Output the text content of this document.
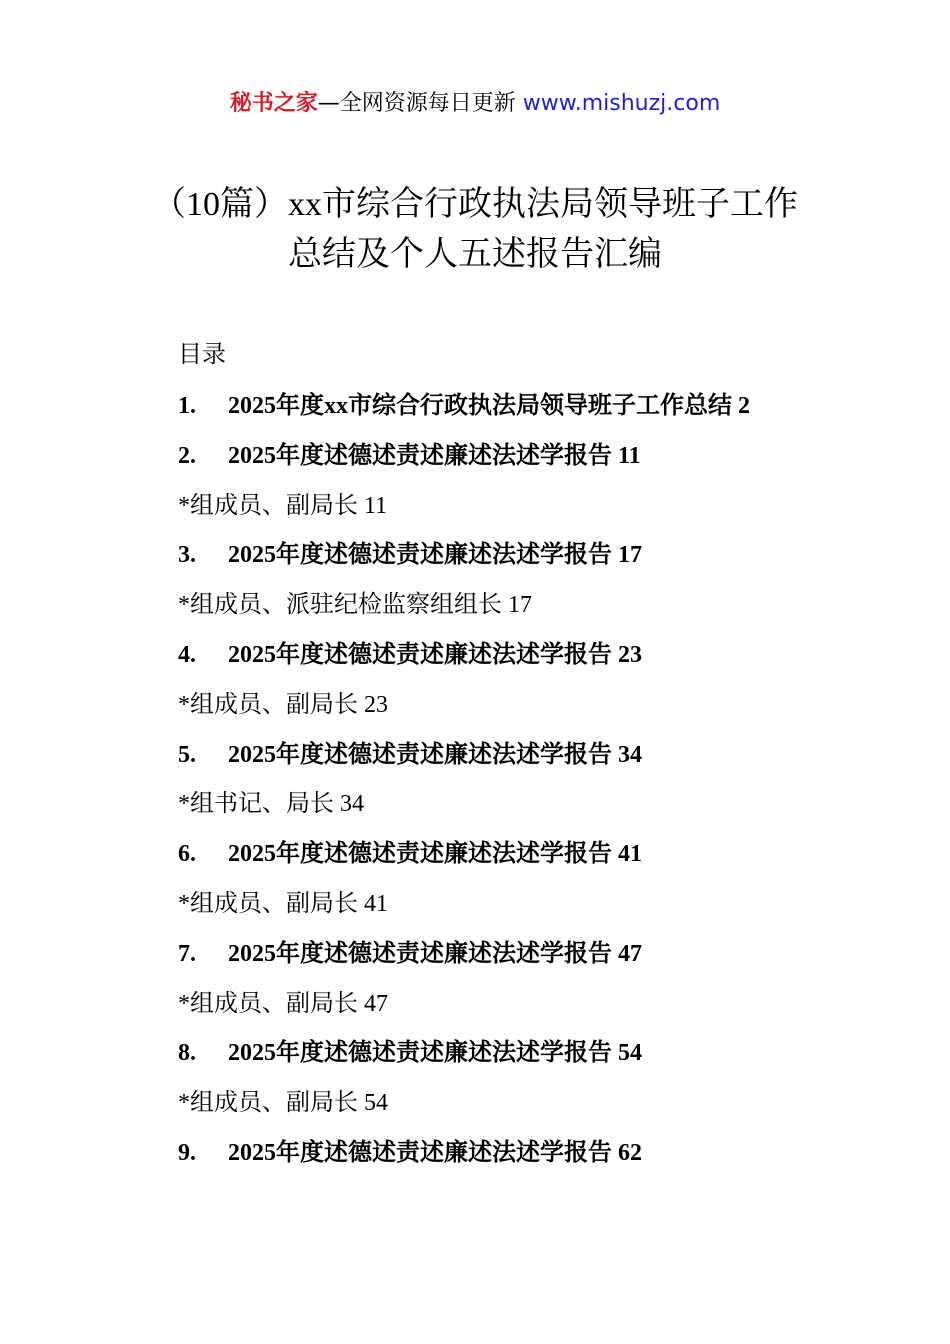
秘书之家—全网资源每日更新 www.mishuzj.com
（10篇）xx市综合行政执法局领导班子工作
总结及个人五述报告汇编
目录
1. 2025年度xx市综合行政执法局领导班子工作总结 2
2. 2025年度述德述责述廉述法述学报告 11
*组成员、副局长 11
3. 2025年度述德述责述廉述法述学报告 17
*组成员、派驻纪检监察组组长 17
4. 2025年度述德述责述廉述法述学报告 23
*组成员、副局长 23
5. 2025年度述德述责述廉述法述学报告 34
*组书记、局长 34
6. 2025年度述德述责述廉述法述学报告 41
*组成员、副局长 41
7. 2025年度述德述责述廉述法述学报告 47
*组成员、副局长 47
8. 2025年度述德述责述廉述法述学报告 54
*组成员、副局长 54
9. 2025年度述德述责述廉述法述学报告 62
